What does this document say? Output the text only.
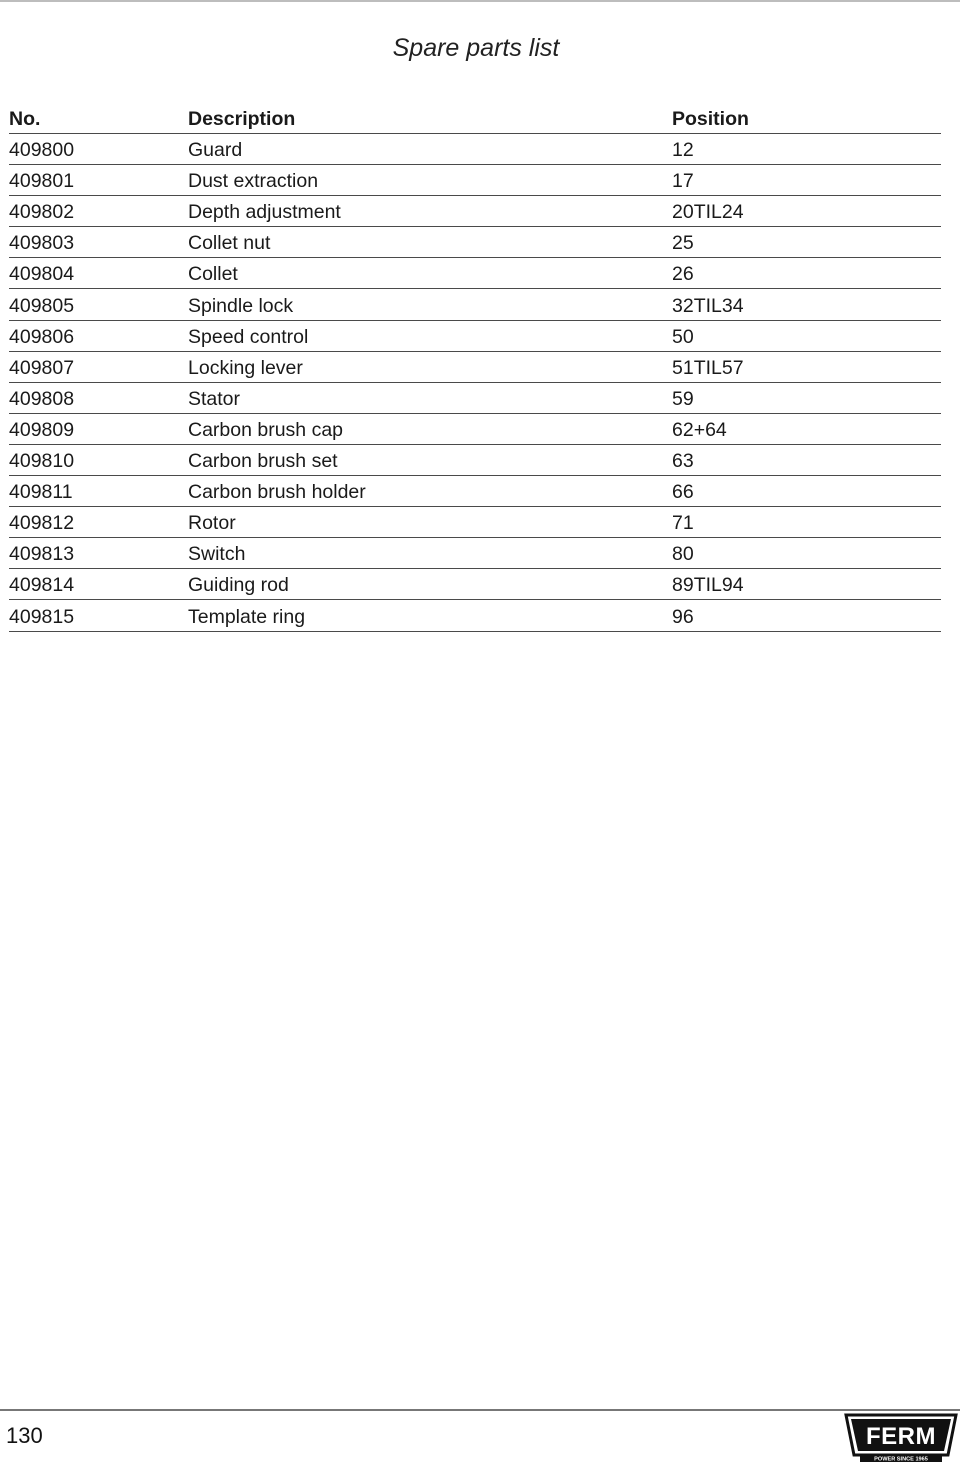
Spare parts list
No.	Description	Position
409800	Guard	12
409801	Dust extraction	17
409802	Depth adjustment	20TIL24
409803	Collet nut	25
409804	Collet	26
409805	Spindle lock	32TIL34
409806	Speed control	50
409807	Locking lever	51TIL57
409808	Stator	59
409809	Carbon brush cap	62+64
409810	Carbon brush set	63
409811	Carbon brush holder	66
409812	Rotor	71
409813	Switch	80
409814	Guiding rod	89TIL94
409815	Template ring	96
130	FERM
POWER SINCE 1965
